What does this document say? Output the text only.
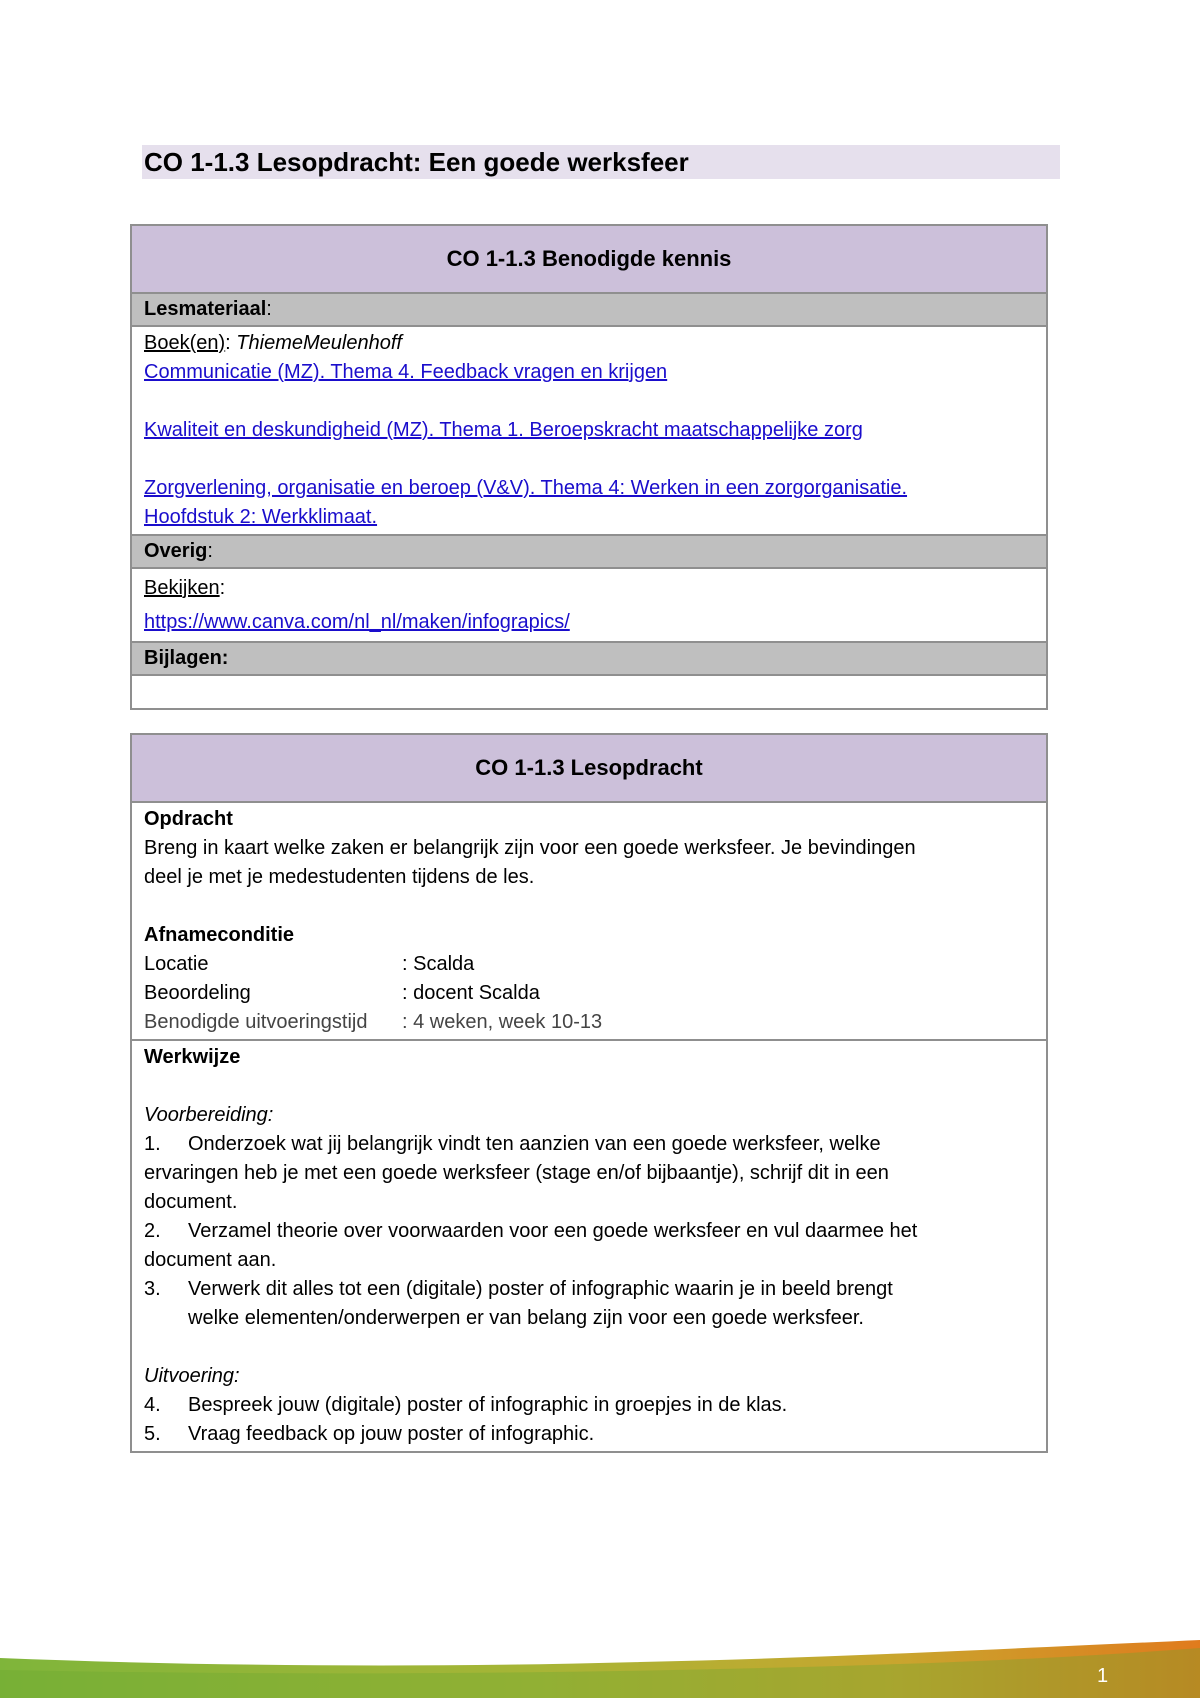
CO 1-1.3 Lesopdracht: Een goede werksfeer
CO 1-1.3 Benodigde kennis
Lesmateriaal:
Boek(en): ThiemeMeulenhoff
Communicatie (MZ). Thema 4. Feedback vragen en krijgen
Kwaliteit en deskundigheid (MZ). Thema 1. Beroepskracht maatschappelijke zorg
Zorgverlening, organisatie en beroep (V&V). Thema 4: Werken in een zorgorganisatie.
Hoofdstuk 2: Werkklimaat.
Overig:
Bekijken:
https://www.canva.com/nl_nl/maken/infograpics/
Bijlagen:
CO 1-1.3 Lesopdracht
Opdracht
Breng in kaart welke zaken er belangrijk zijn voor een goede werksfeer. Je bevindingen
deel je met je medestudenten tijdens de les.
Afnameconditie
Locatie	: Scalda
Beoordeling	: docent Scalda
Benodigde uitvoeringstijd	: 4 weken, week 10-13
Werkwijze
Voorbereiding:
1. Onderzoek wat jij belangrijk vindt ten aanzien van een goede werksfeer, welke
ervaringen heb je met een goede werksfeer (stage en/of bijbaantje), schrijf dit in een
document.
2. Verzamel theorie over voorwaarden voor een goede werksfeer en vul daarmee het
document aan.
3. Verwerk dit alles tot een (digitale) poster of infographic waarin je in beeld brengt
welke elementen/onderwerpen er van belang zijn voor een goede werksfeer.
Uitvoering:
4.	Bespreek jouw (digitale) poster of infographic in groepjes in de klas.
5.	Vraag feedback op jouw poster of infographic.
1
